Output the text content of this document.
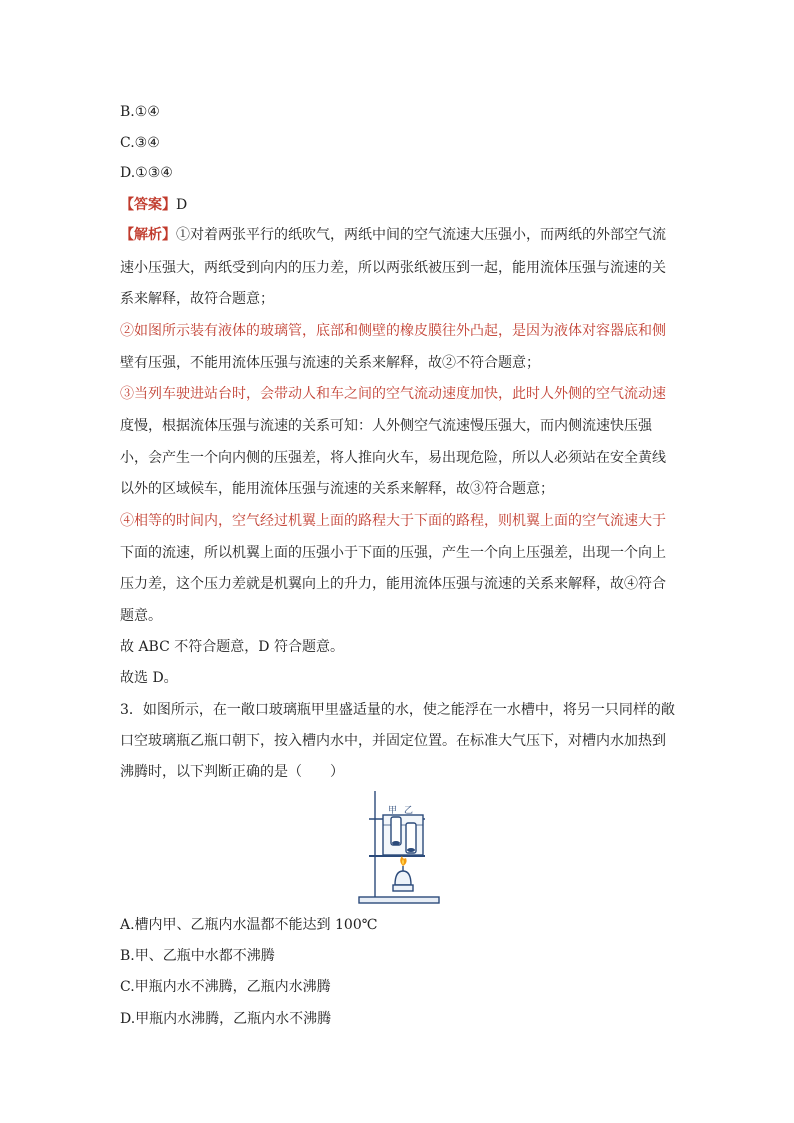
B.①④
C.③④
D.①③④
【答案】D
【解析】①对着两张平行的纸吹气，两纸中间的空气流速大压强小，而两纸的外部空气流
速小压强大，两纸受到向内的压力差，所以两张纸被压到一起，能用流体压强与流速的关
系来解释，故符合题意；
②如图所示装有液体的玻璃管，底部和侧壁的橡皮膜往外凸起，是因为液体对容器底和侧
壁有压强，不能用流体压强与流速的关系来解释，故②不符合题意；
③当列车驶进站台时，会带动人和车之间的空气流动速度加快，此时人外侧的空气流动速
度慢，根据流体压强与流速的关系可知：人外侧空气流速慢压强大，而内侧流速快压强
小，会产生一个向内侧的压强差，将人推向火车，易出现危险，所以人必须站在安全黄线
以外的区域候车，能用流体压强与流速的关系来解释，故③符合题意；
④相等的时间内，空气经过机翼上面的路程大于下面的路程，则机翼上面的空气流速大于
下面的流速，所以机翼上面的压强小于下面的压强，产生一个向上压强差，出现一个向上
压力差，这个压力差就是机翼向上的升力，能用流体压强与流速的关系来解释，故④符合
题意。
故 ABC 不符合题意，D 符合题意。
故选 D。
3．如图所示，在一敞口玻璃瓶甲里盛适量的水，使之能浮在一水槽中，将另一只同样的敞
口空玻璃瓶乙瓶口朝下，按入槽内水中，并固定位置。在标准大气压下，对槽内水加热到
沸腾时，以下判断正确的是（　　）
甲 乙
A.槽内甲、乙瓶内水温都不能达到 100℃
B.甲、乙瓶中水都不沸腾
C.甲瓶内水不沸腾，乙瓶内水沸腾
D.甲瓶内水沸腾，乙瓶内水不沸腾
